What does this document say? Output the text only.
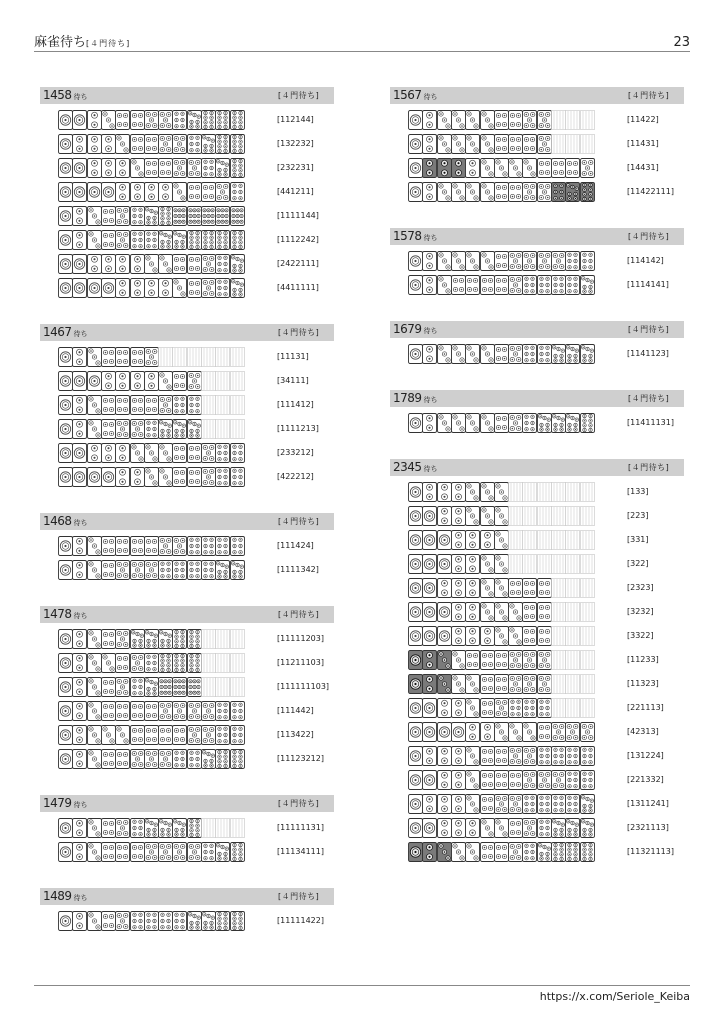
麻雀待ち[４門待ち]	23
1458 待ち	[４門待ち]
[112144]
[132232]
[232231]
[441211]
[1111144]
[1112242]
[2422111]
[4411111]
1467 待ち	[４門待ち]
[11131]
[34111]
[111412]
[1111213]
[233212]
[422212]
1468 待ち	[４門待ち]
[111424]
[1111342]
1478 待ち	[４門待ち]
[11111203]
[11211103]
[111111103]
[111442]
[113422]
[11123212]
1479 待ち	[４門待ち]
[11111131]
[11134111]
1489 待ち	[４門待ち]
[11111422]
1567 待ち	[４門待ち]
[11422]
[11431]
[14431]
[11422111]
1578 待ち	[４門待ち]
[114142]
[1114141]
1679 待ち	[４門待ち]
[1141123]
1789 待ち	[４門待ち]
[11411131]
2345 待ち	[４門待ち]
[133]
[223]
[331]
[322]
[2323]
[3232]
[3322]
[11233]
[11323]
[221113]
[42313]
[131224]
[221332]
[1311241]
[2321113]
[11321113]
https://x.com/Seriole_Keiba
